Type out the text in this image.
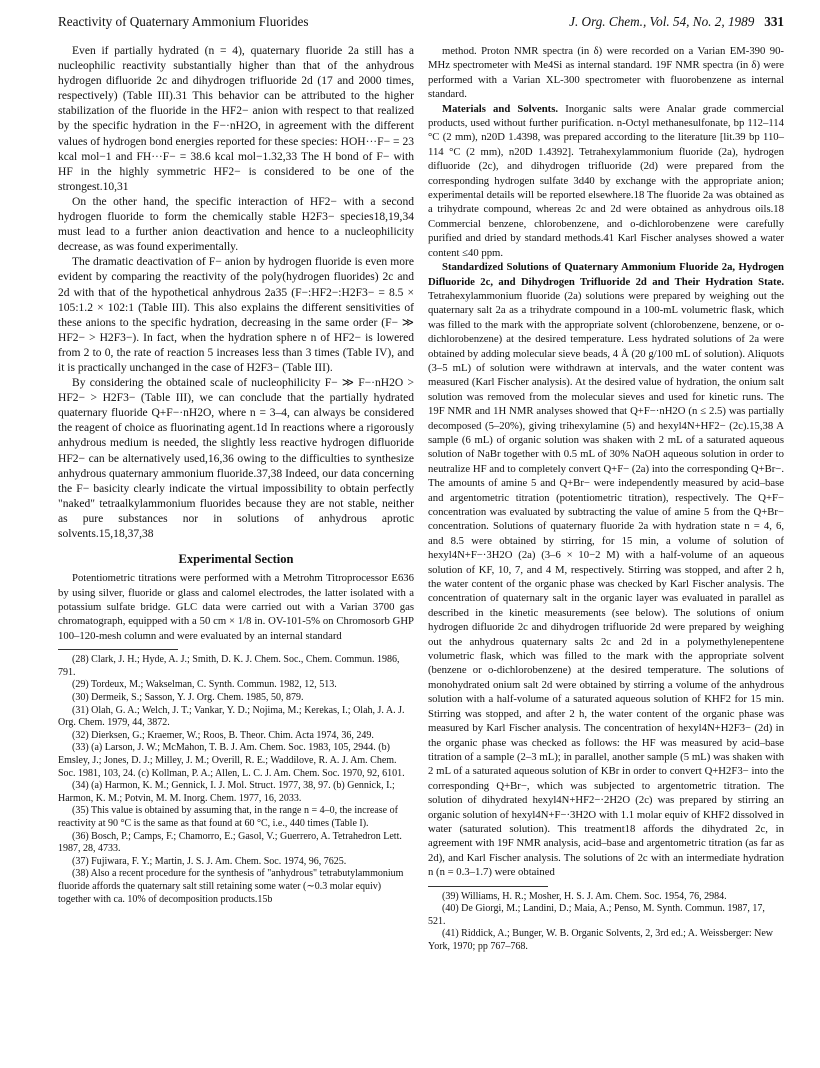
Reactivity of Quaternary Ammonium Fluorides	J. Org. Chem., Vol. 54, No. 2, 1989 331

Even if partially hydrated (n = 4), quaternary fluoride 2a still has a nucleophilic reactivity substantially higher than that of the anhydrous hydrogen difluoride 2c and dihydrogen trifluoride 2d (17 and 2000 times, respectively) (Table III).31 This behavior can be attributed to the higher stabilization of the fluoride in the HF2− anion with respect to that realized by the specific hydration in the F−·nH2O, in agreement with the different values of hydrogen bond energies reported for these species: HOH···F− = 23 kcal mol−1 and FH···F− = 38.6 kcal mol−1.32,33 The H bond of F− with HF in the highly symmetric HF2− is considered to be one of the strongest.10,31

On the other hand, the specific interaction of HF2− with a second hydrogen fluoride to form the chemically stable H2F3− species18,19,34 must lead to a further anion deactivation and hence to a nucleophilicity decrease, as was found experimentally.

The dramatic deactivation of F− anion by hydrogen fluoride is even more evident by comparing the reactivity of the poly(hydrogen fluorides) 2c and 2d with that of the hypothetical anhydrous 2a35 (F−:HF2−:H2F3− = 8.5 × 105:1.2 × 102:1 (Table III). This also explains the different sensitivities of these anions to the specific hydration, decreasing in the same order (F− ≫ HF2− > H2F3−). In fact, when the hydration sphere n of HF2− is lowered from 2 to 0, the rate of reaction 5 increases less than 3 times (Table IV), and it is practically unchanged in the case of H2F3− (Table III).

By considering the obtained scale of nucleophilicity F− ≫ F−·nH2O > HF2− > H2F3− (Table III), we can conclude that the partially hydrated quaternary fluoride Q+F−·nH2O, where n = 3–4, can always be considered the reagent of choice as fluorinating agent.1d In reactions where a rigorously anhydrous medium is needed, the slightly less reactive hydrogen difluoride HF2− can be alternatively used,16,36 owing to the difficulties to synthesize anhydrous quaternary ammonium fluoride.37,38 Indeed, our data concerning the F− basicity clearly indicate the virtual impossibility to obtain perfectly "naked" tetraalkylammonium fluorides because they are not stable, neither as pure substances nor in solutions of anhydrous aprotic solvents.15,18,37,38

Experimental Section

Potentiometric titrations were performed with a Metrohm Titroprocessor E636 by using silver, fluoride or glass and calomel electrodes, the latter isolated with a potassium sulfate bridge. GLC data were carried out with a Varian 3700 gas chromatograph, equipped with a 50 cm × 1/8 in. OV-101-5% on Chromosorb GHP 100–120-mesh column and were evaluated by an internal standard

(28) Clark, J. H.; Hyde, A. J.; Smith, D. K. J. Chem. Soc., Chem. Commun. 1986, 791.

(29) Tordeux, M.; Wakselman, C. Synth. Commun. 1982, 12, 513.

(30) Dermeik, S.; Sasson, Y. J. Org. Chem. 1985, 50, 879.

(31) Olah, G. A.; Welch, J. T.; Vankar, Y. D.; Nojima, M.; Kerekas, I.; Olah, J. A. J. Org. Chem. 1979, 44, 3872.

(32) Dierksen, G.; Kraemer, W.; Roos, B. Theor. Chim. Acta 1974, 36, 249.

(33) (a) Larson, J. W.; McMahon, T. B. J. Am. Chem. Soc. 1983, 105, 2944. (b) Emsley, J.; Jones, D. J.; Milley, J. M.; Overill, R. E.; Waddilove, R. A. J. Am. Chem. Soc. 1981, 103, 24. (c) Kollman, P. A.; Allen, L. C. J. Am. Chem. Soc. 1970, 92, 6101.

(34) (a) Harmon, K. M.; Gennick, I. J. Mol. Struct. 1977, 38, 97. (b) Gennick, I.; Harmon, K. M.; Potvin, M. M. Inorg. Chem. 1977, 16, 2033.

(35) This value is obtained by assuming that, in the range n = 4–0, the increase of reactivity at 90 °C is the same as that found at 60 °C, i.e., 440 times (Table I).

(36) Bosch, P.; Camps, F.; Chamorro, E.; Gasol, V.; Guerrero, A. Tetrahedron Lett. 1987, 28, 4733.

(37) Fujiwara, F. Y.; Martin, J. S. J. Am. Chem. Soc. 1974, 96, 7625.

(38) Also a recent procedure for the synthesis of "anhydrous" tetrabutylammonium fluoride affords the quaternary salt still retaining some water (∼0.3 molar equiv) together with ca. 10% of decomposition products.15b

method. Proton NMR spectra (in δ) were recorded on a Varian EM-390 90-MHz spectrometer with Me4Si as internal standard. 19F NMR spectra (in δ) were performed with a Varian XL-300 spectrometer with fluorobenzene as internal standard.

Materials and Solvents. Inorganic salts were Analar grade commercial products, used without further purification. n-Octyl methanesulfonate, bp 112–114 °C (2 mm), n20D 1.4398, was prepared according to the literature [lit.39 bp 110–114 °C (2 mm), n20D 1.4392]. Tetrahexylammonium fluoride (2a), hydrogen difluoride (2c), and dihydrogen trifluoride (2d) were prepared from the corresponding hydrogen sulfate 3d40 by exchange with the appropriate anion; experimental details will be reported elsewhere.18 The fluoride 2a was obtained as a trihydrate compound, whereas 2c and 2d were obtained as anhydrous oils.18 Commercial benzene, chlorobenzene, and o-dichlorobenzene were carefully purified and dried by standard methods.41 Karl Fischer analyses showed a water content ≤40 ppm.

Standardized Solutions of Quaternary Ammonium Fluoride 2a, Hydrogen Difluoride 2c, and Dihydrogen Trifluoride 2d and Their Hydration State. Tetrahexylammonium fluoride (2a) solutions were prepared by weighing out the quaternary salt 2a as a trihydrate compound in a 100-mL volumetric flask, which was filled to the mark with the appropriate solvent (chlorobenzene, benzene, or o-dichlorobenzene) at the desired temperature. Less hydrated solutions of 2a were obtained by adding molecular sieve beads, 4 Å (20 g/100 mL of solution). Aliquots (3–5 mL) of solution were withdrawn at intervals, and the water content was measured (Karl Fischer analysis). At the desired value of hydration, the onium salt solution was removed from the molecular sieves and used for kinetic runs. The 19F NMR and 1H NMR analyses showed that Q+F−·nH2O (n ≤ 2.5) was partially decomposed (5–20%), giving trihexylamine (5) and hexyl4N+HF2− (2c).15,38 A sample (6 mL) of organic solution was shaken with 2 mL of a saturated aqueous solution of NaBr together with 0.5 mL of 30% NaOH aqueous solution in order to neutralize HF and to completely convert Q+F− (2a) into the corresponding Q+Br−. The amounts of amine 5 and Q+Br− were independently measured by acid–base and argentometric titration (potentiometric titration), respectively. The Q+F− concentration was evaluated by subtracting the value of amine 5 from the Q+Br− concentration. Solutions of quaternary fluoride 2a with hydration state n = 4, 6, and 8.5 were obtained by stirring, for 15 min, a volume of solution of hexyl4N+F−·3H2O (2a) (3–6 × 10−2 M) with a half-volume of an aqueous solution of KF, 10, 7, and 4 M, respectively. Stirring was stopped, and after 2 h, the water content of the organic phase was checked by Karl Fischer analysis. The concentration of quaternary salt in the organic layer was evaluated in parallel as described in the kinetic measurements (see below). The solutions of onium hydrogen difluoride 2c and dihydrogen trifluoride 2d were prepared by weighing out the anhydrous quaternary salts 2c and 2d in a polymethylenepentene volumetric flask, which was filled to the mark with the appropriate solvent (benzene or o-dichlorobenzene) at the desired temperature. The solutions of monohydrated onium salt 2d were obtained by stirring a volume of the anhydrous solution with a half-volume of a saturated aqueous solution of KHF2 for 15 min. Stirring was stopped, and after 2 h, the water content of the organic phase was measured by Karl Fischer analysis. The concentration of hexyl4N+H2F3− (2d) in the organic phase was checked as follows: the HF was measured by acid–base titration of a sample (2–3 mL); in parallel, another sample (5 mL) was shaken with 2 mL of a saturated aqueous solution of KBr in order to convert Q+H2F3− into the corresponding Q+Br−, which was subjected to argentometric titration. The solution of dihydrated hexyl4N+HF2−·2H2O (2c) was prepared by stirring an organic solution of hexyl4N+F−·3H2O with 1.1 molar equiv of KHF2 dissolved in water (saturated solution). This treatment18 affords the dihydrated 2c, in agreement with 19F NMR analysis, acid–base and argentometric titration (as far as 2d), and Karl Fischer analysis. The solutions of 2c with an intermediate hydration n (n = 0.3–1.7) were obtained

(39) Williams, H. R.; Mosher, H. S. J. Am. Chem. Soc. 1954, 76, 2984.

(40) De Giorgi, M.; Landini, D.; Maia, A.; Penso, M. Synth. Commun. 1987, 17, 521.

(41) Riddick, A.; Bunger, W. B. Organic Solvents, 2, 3rd ed.; A. Weissberger: New York, 1970; pp 767–768.
